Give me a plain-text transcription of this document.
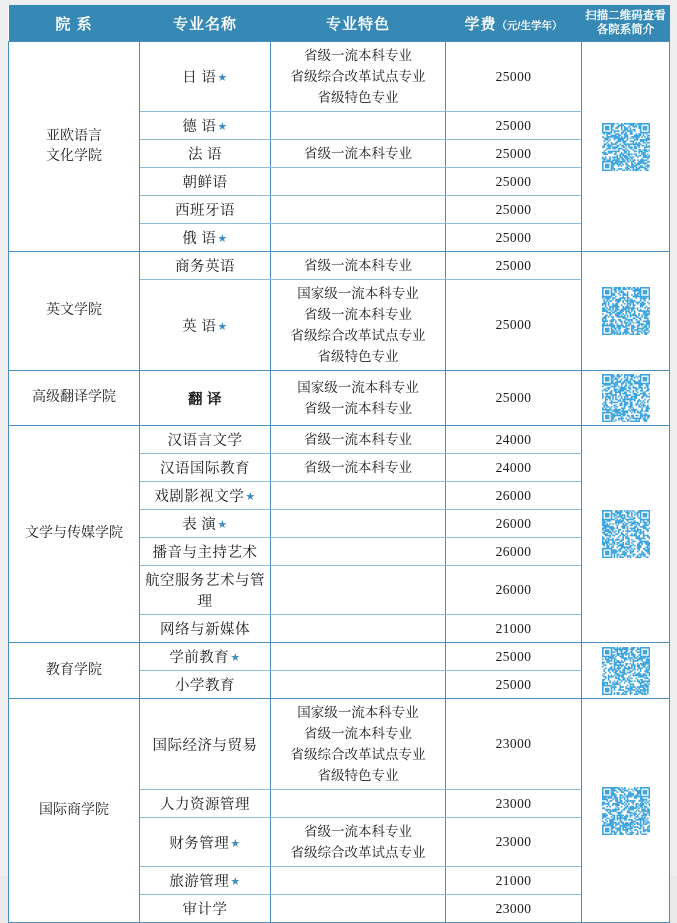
院 系	专业名称	专业特色	学费（元/生学年）	扫描二维码查看各院系简介
亚欧语言
文化学院	日 语★	省级一流本科专业
省级综合改革试点专业
省级特色专业	25000	

	德 语★		25000	
	法 语	省级一流本科专业	25000	
	朝鲜语		25000	
	西班牙语		25000	
	俄 语★		25000	
英文学院	商务英语	省级一流本科专业	25000	

	英 语★	国家级一流本科专业
省级一流本科专业
省级综合改革试点专业
省级特色专业	25000	
高级翻译学院	翻 译	国家级一流本科专业
省级一流本科专业	25000	

文学与传媒学院	汉语言文学	省级一流本科专业	24000	

	汉语国际教育	省级一流本科专业	24000	
	戏剧影视文学★		26000	
	表 演★		26000	
	播音与主持艺术		26000	
	航空服务艺术与管理		26000	
	网络与新媒体		21000	
教育学院	学前教育★		25000	

	小学教育		25000	
国际商学院	国际经济与贸易	国家级一流本科专业
省级一流本科专业
省级综合改革试点专业
省级特色专业	23000	

	人力资源管理		23000	
	财务管理★	省级一流本科专业
省级综合改革试点专业	23000	
	旅游管理★		21000	
	审计学		23000	
